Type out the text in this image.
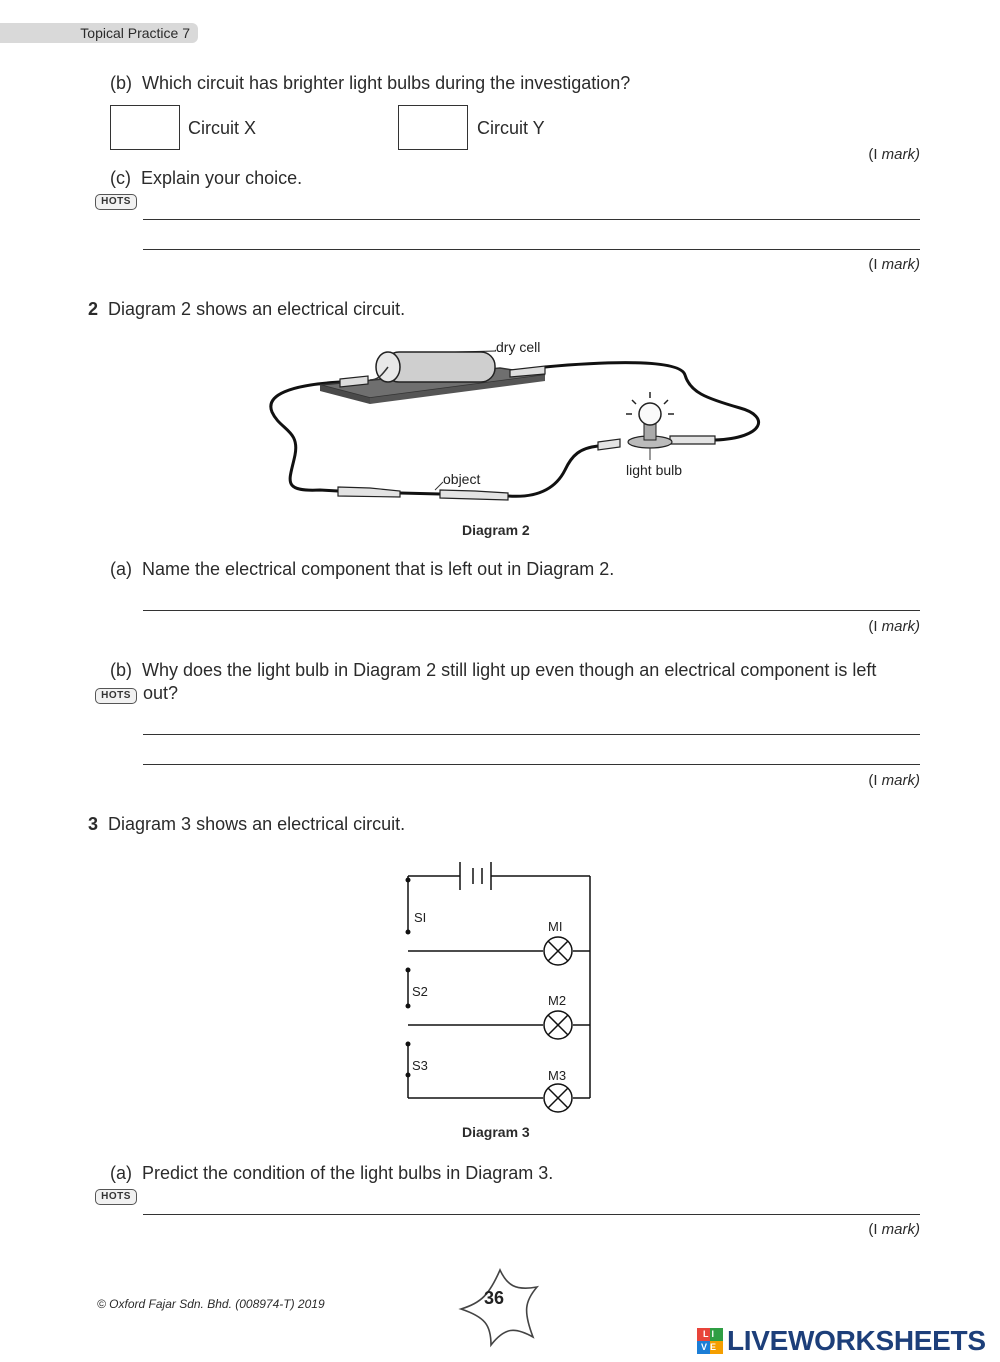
Topical Practice 7
(b) Which circuit has brighter light bulbs during the investigation?
Circuit X	Circuit Y
(I mark)
(c) Explain your choice.
HOTS
(I mark)
2 Diagram 2 shows an electrical circuit.
dry cell
object
light bulb
Diagram 2
(a) Name the electrical component that is left out in Diagram 2.
(I mark)
(b) Why does the light bulb in Diagram 2 still light up even though an electrical component is left
out?
HOTS
(I mark)
3 Diagram 3 shows an electrical circuit.
SI
S2
S3
MI
M2
M3
Diagram 3
(a) Predict the condition of the light bulbs in Diagram 3.
HOTS
(I mark)
© Oxford Fajar Sdn. Bhd. (008974-T) 2019	36
LI
VE LIVEWORKSHEETS
